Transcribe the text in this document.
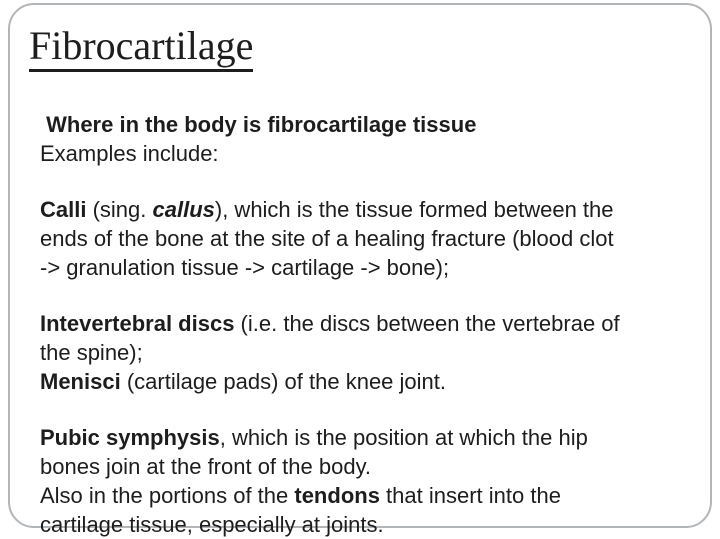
Fibrocartilage
Where in the body is fibrocartilage tissue
Examples include:
Calli (sing. callus), which is the tissue formed between the
ends of the bone at the site of a healing fracture (blood clot
-> granulation tissue -> cartilage -> bone);
Intevertebral discs (i.e. the discs between the vertebrae of
the spine);
Menisci (cartilage pads) of the knee joint.
Pubic symphysis, which is the position at which the hip
bones join at the front of the body.
Also in the portions of the tendons that insert into the
cartilage tissue, especially at joints.
